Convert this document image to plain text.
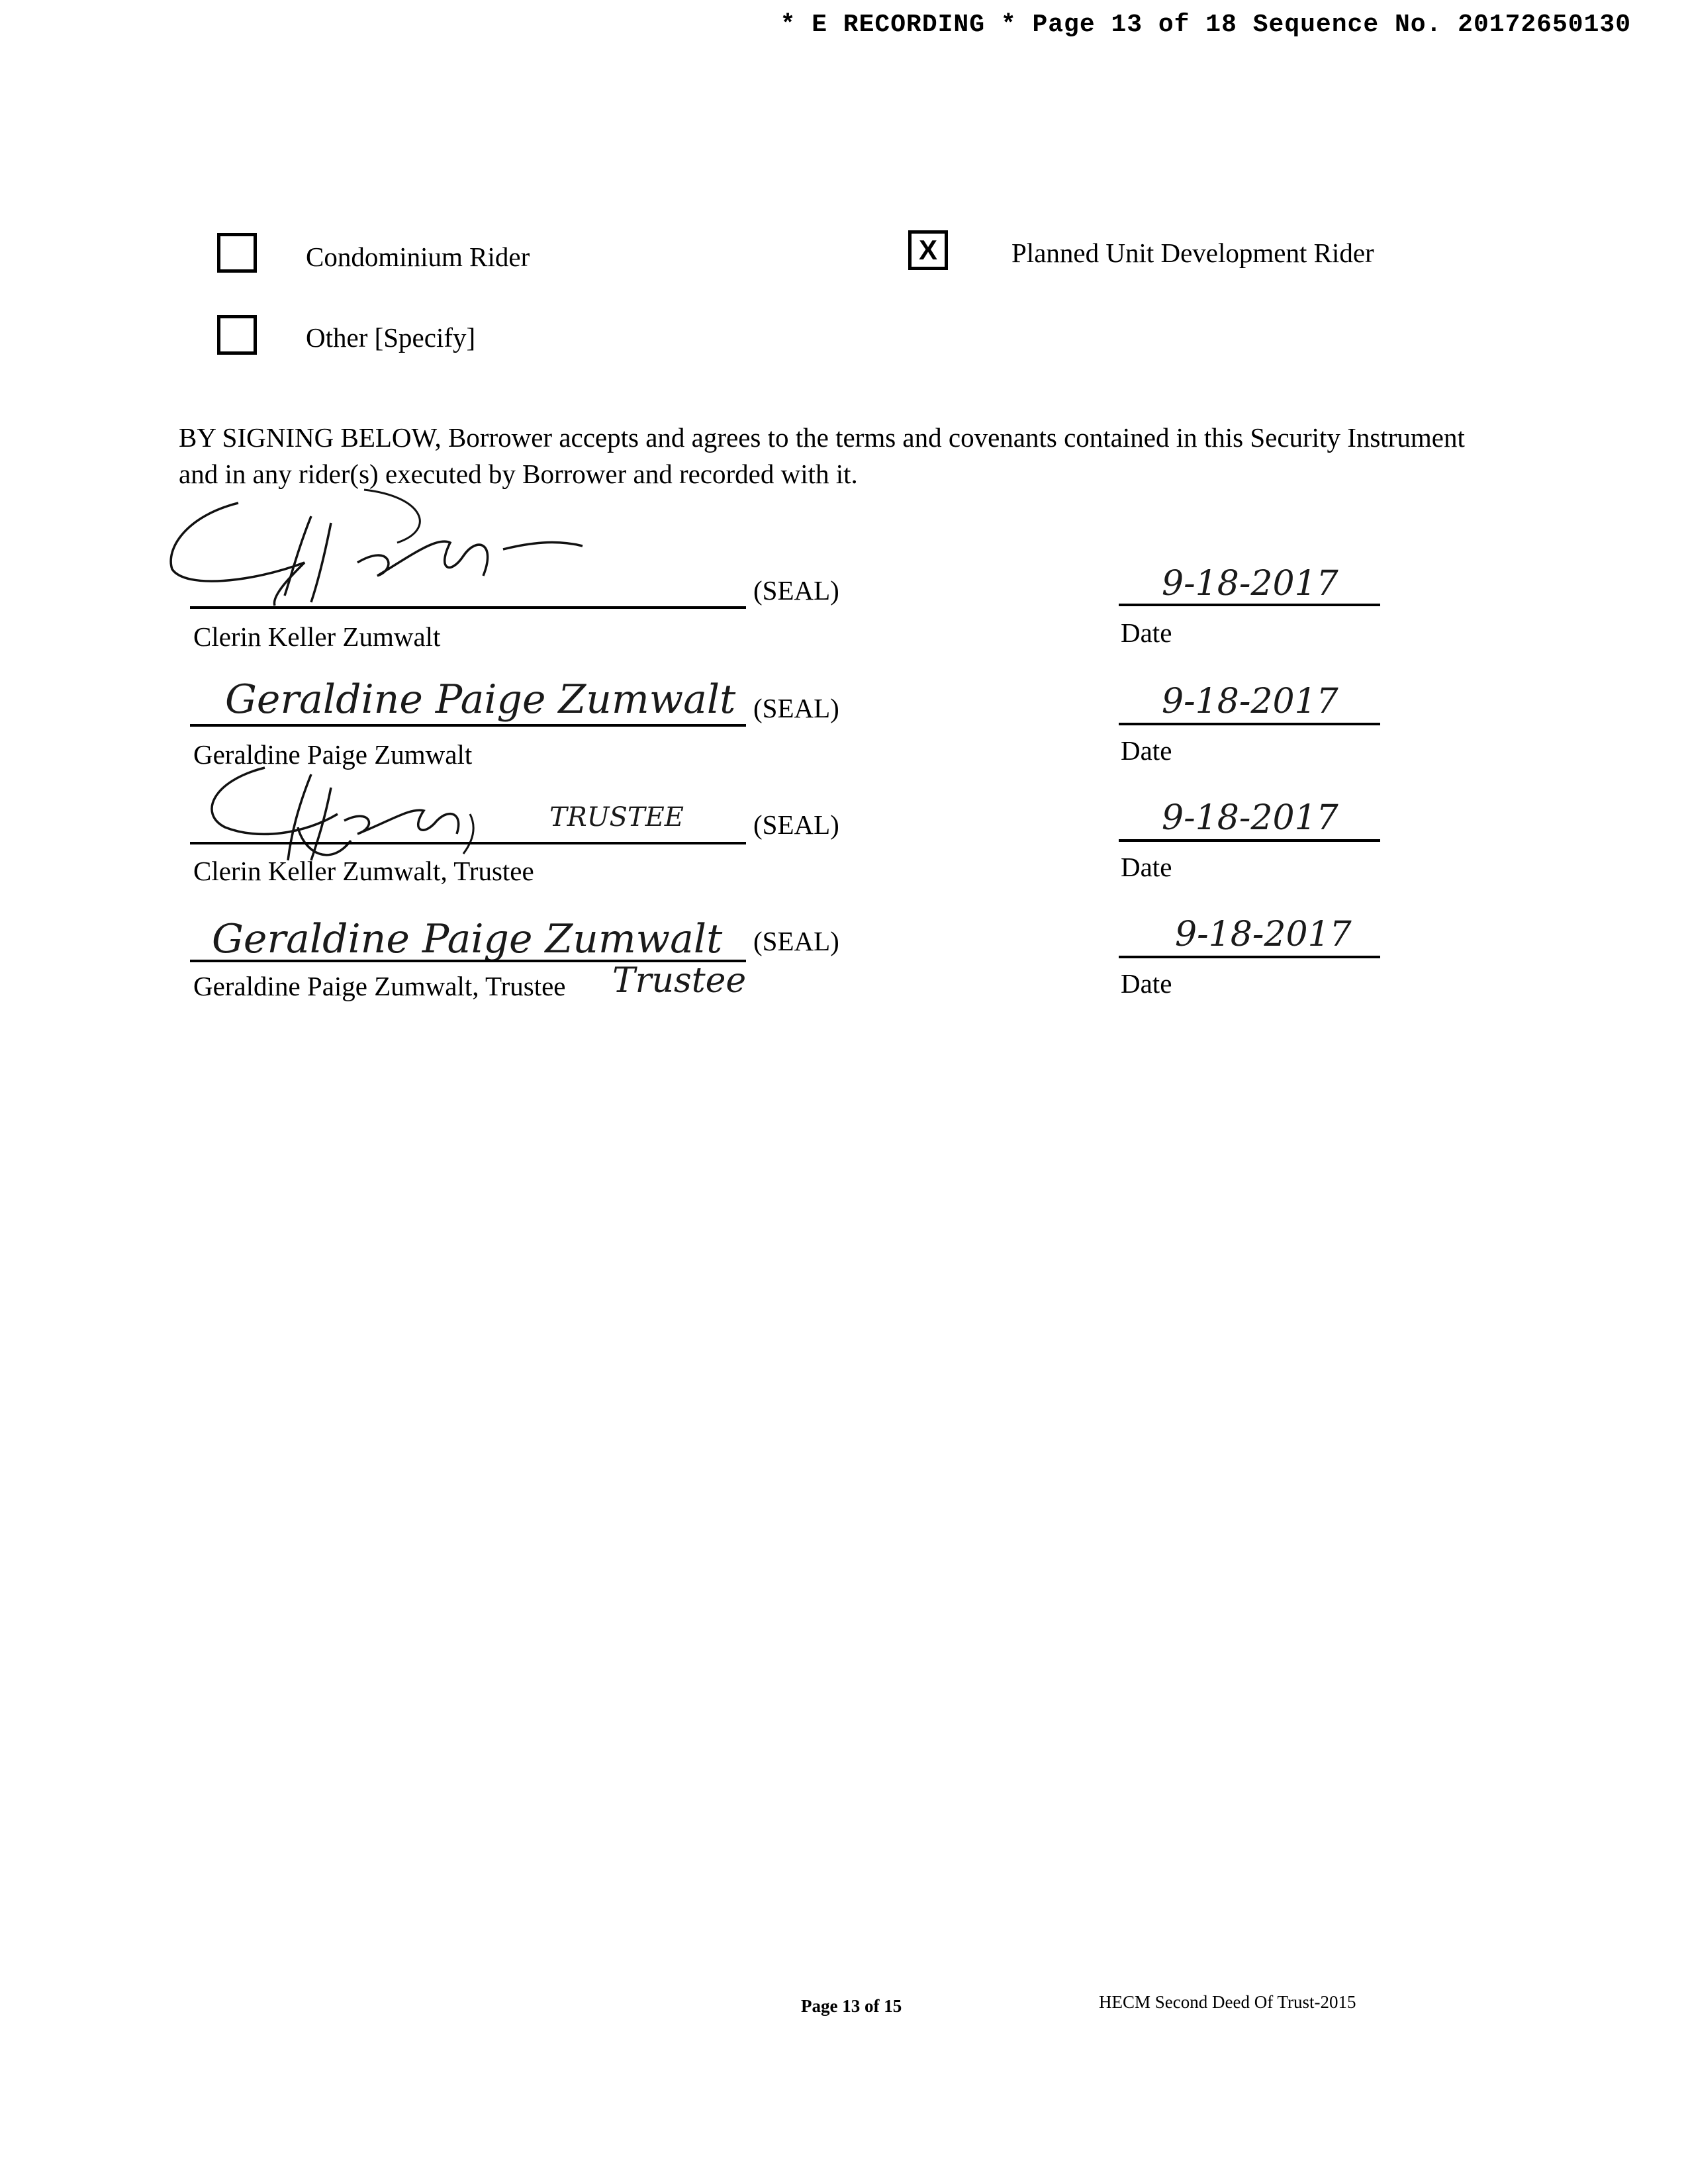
* E RECORDING * Page 13 of 18 Sequence No. 20172650130
Condominium Rider	X	Planned Unit Development Rider
Other [Specify]
BY SIGNING BELOW, Borrower accepts and agrees to the terms and covenants contained in this Security Instrument and in any rider(s) executed by Borrower and recorded with it.
(SEAL)
Clerin Keller Zumwalt
9-18-2017
Date
Geraldine Paige Zumwalt (SEAL)
Geraldine Paige Zumwalt
9-18-2017
Date
TRUSTEE	(SEAL)
Clerin Keller Zumwalt, Trustee
9-18-2017
Date
Geraldine Paige Zumwalt (SEAL)
Geraldine Paige Zumwalt, Trustee Trustee
9-18-2017
Date
Page 13 of 15	HECM Second Deed Of Trust-2015
